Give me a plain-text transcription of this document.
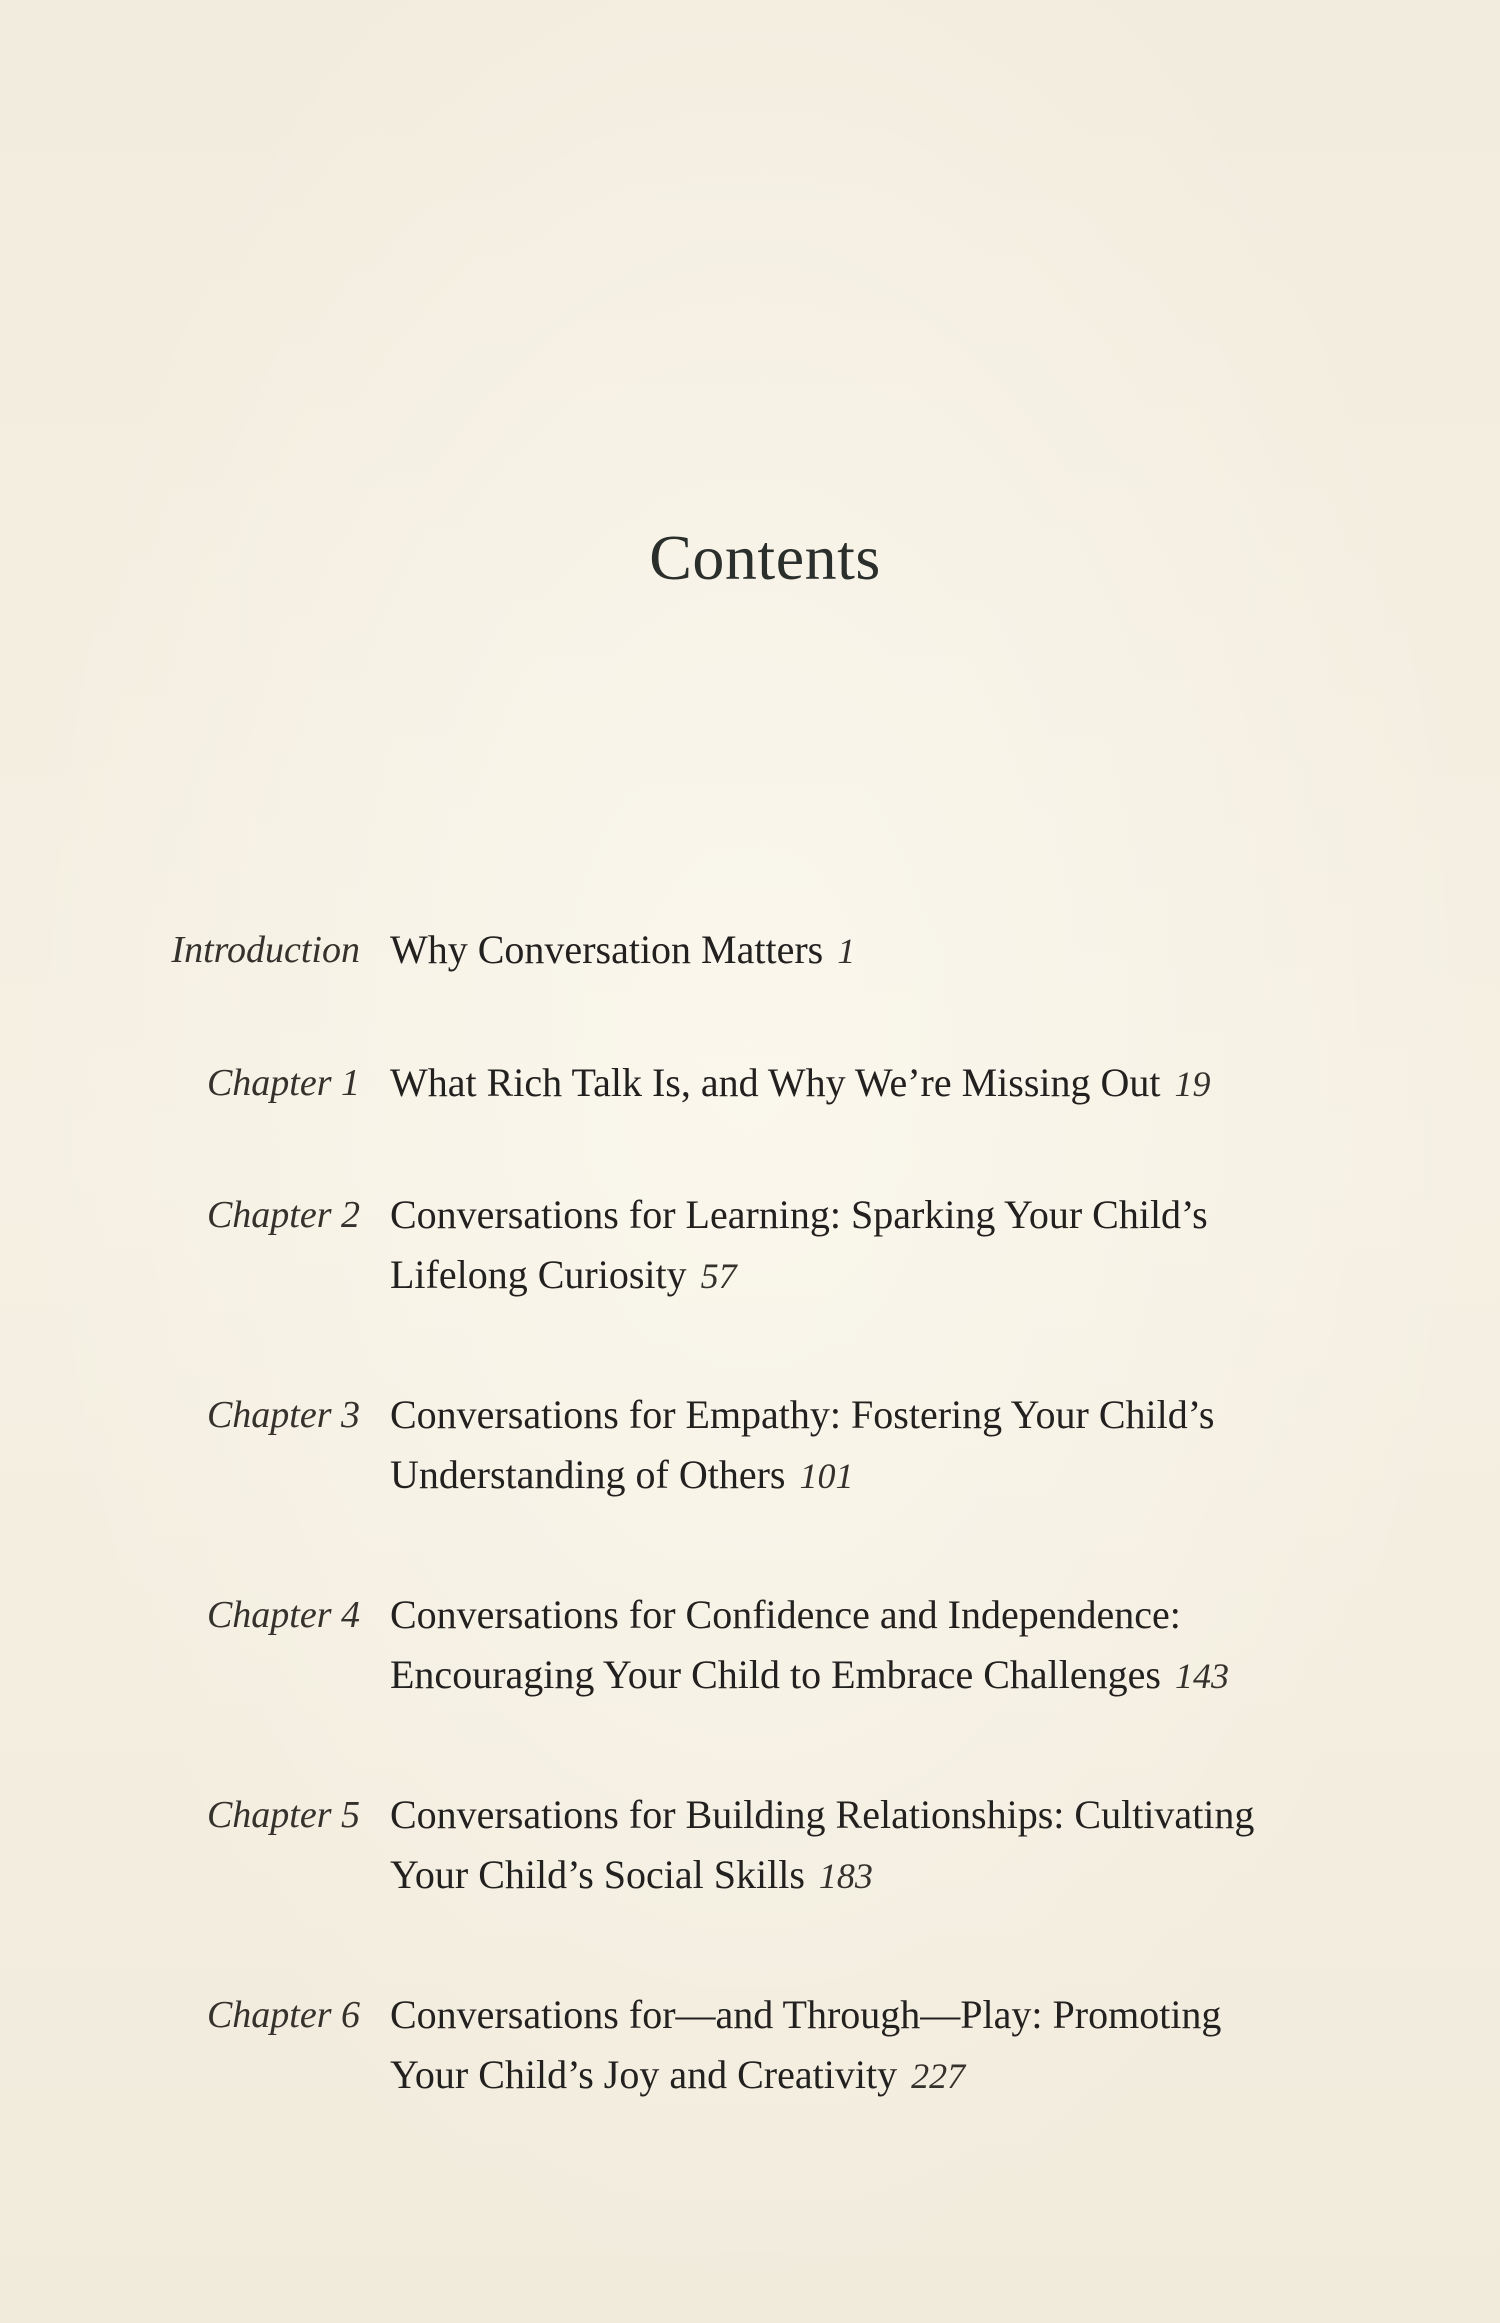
Contents
Introduction Why Conversation Matters 1
Chapter 1 What Rich Talk Is, and Why We’re Missing Out 19
Chapter 2 Conversations for Learning: Sparking Your Child’s
Lifelong Curiosity 57
Chapter 3 Conversations for Empathy: Fostering Your Child’s
Understanding of Others 101
Chapter 4 Conversations for Confidence and Independence:
Encouraging Your Child to Embrace Challenges 143
Chapter 5 Conversations for Building Relationships: Cultivating
Your Child’s Social Skills 183
Chapter 6 Conversations for—and Through—Play: Promoting
Your Child’s Joy and Creativity 227
